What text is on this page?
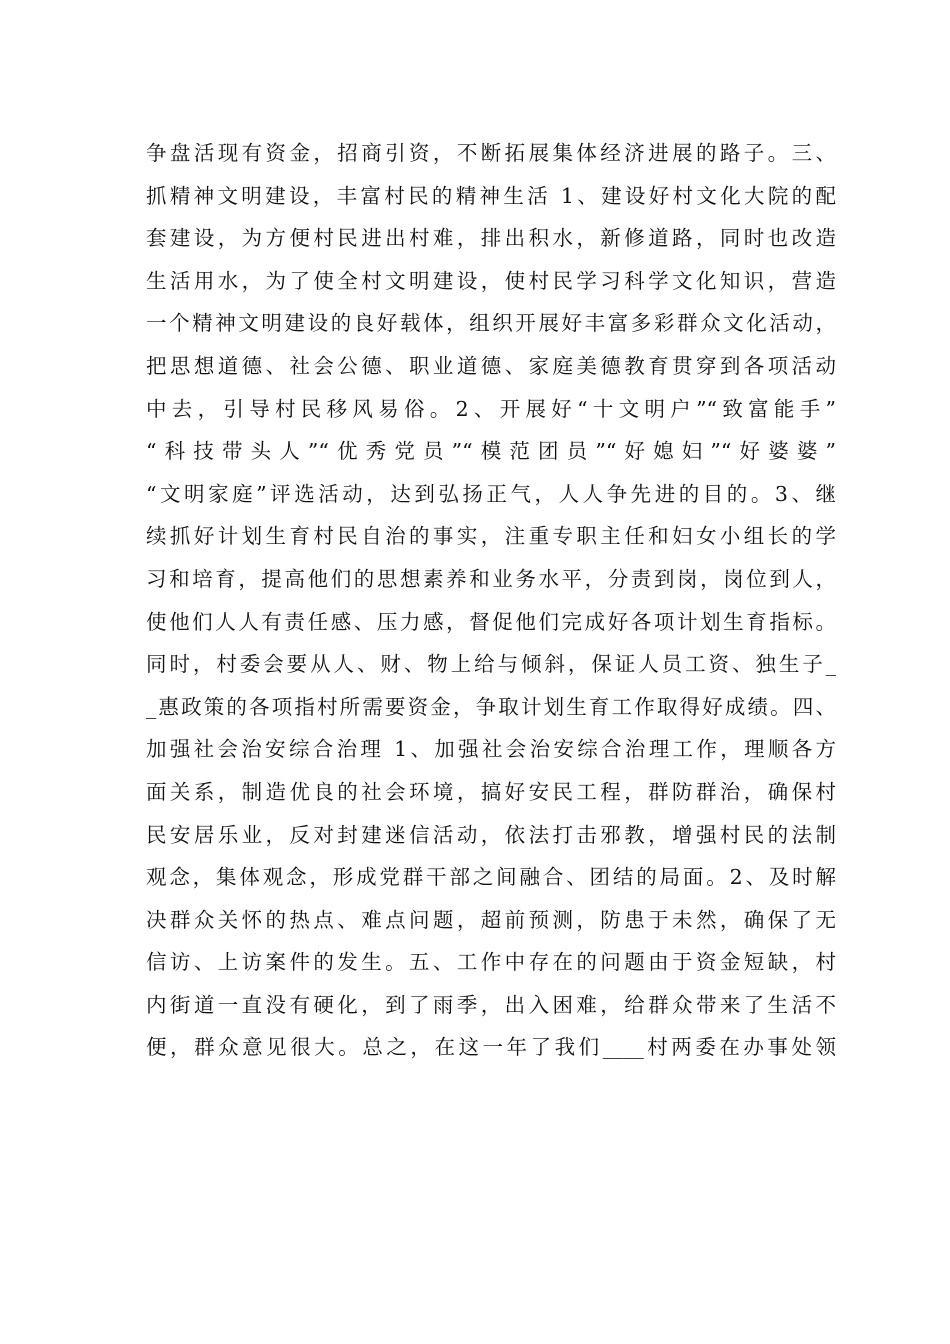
争盘活现有资金，招商引资，不断拓展集体经济进展的路子。三、
抓精神文明建设，丰富村民的精神生活 1、建设好村文化大院的配
套建设，为方便村民进出村难，排出积水，新修道路，同时也改造
生活用水，为了使全村文明建设，使村民学习科学文化知识，营造
一个精神文明建设的良好载体，组织开展好丰富多彩群众文化活动，
把思想道德、社会公德、职业道德、家庭美德教育贯穿到各项活动
中去，引导村民移风易俗。2、开展好“十文明户”“致富能手”
“科技带头人”“优秀党员”“模范团员”“好媳妇”“好婆婆”
“文明家庭”评选活动，达到弘扬正气，人人争先进的目的。3、继
续抓好计划生育村民自治的事实，注重专职主任和妇女小组长的学
习和培育，提高他们的思想素养和业务水平，分责到岗，岗位到人，
使他们人人有责任感、压力感，督促他们完成好各项计划生育指标。
同时，村委会要从人、财、物上给与倾斜，保证人员工资、独生子_
_惠政策的各项指村所需要资金，争取计划生育工作取得好成绩。四、
加强社会治安综合治理 1、加强社会治安综合治理工作，理顺各方
面关系，制造优良的社会环境，搞好安民工程，群防群治，确保村
民安居乐业，反对封建迷信活动，依法打击邪教，增强村民的法制
观念，集体观念，形成党群干部之间融合、团结的局面。2、及时解
决群众关怀的热点、难点问题，超前预测，防患于未然，确保了无
信访、上访案件的发生。五、工作中存在的问题由于资金短缺，村
内街道一直没有硬化，到了雨季，出入困难，给群众带来了生活不
便，群众意见很大。总之，在这一年了我们____村两委在办事处领
